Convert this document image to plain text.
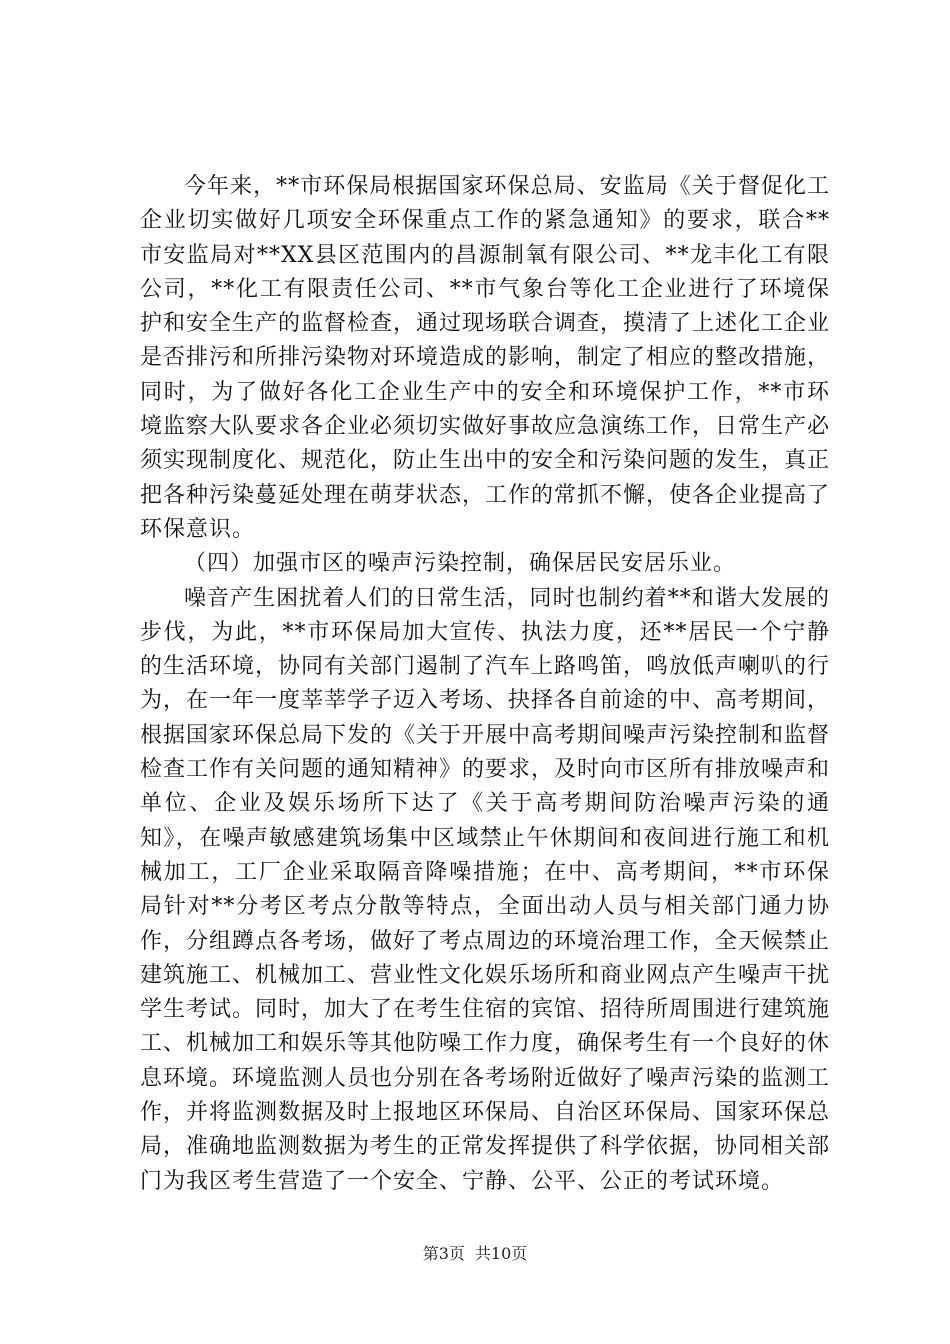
今年来，**市环保局根据国家环保总局、安监局《关于督促化工企业切实做好几项安全环保重点工作的紧急通知》的要求，联合**市安监局对**XX县区范围内的昌源制氧有限公司、**龙丰化工有限公司，**化工有限责任公司、**市气象台等化工企业进行了环境保护和安全生产的监督检查，通过现场联合调查，摸清了上述化工企业是否排污和所排污染物对环境造成的影响，制定了相应的整改措施，同时，为了做好各化工企业生产中的安全和环境保护工作，**市环境监察大队要求各企业必须切实做好事故应急演练工作，日常生产必须实现制度化、规范化，防止生出中的安全和污染问题的发生，真正把各种污染蔓延处理在萌芽状态，工作的常抓不懈，使各企业提高了环保意识。

（四）加强市区的噪声污染控制，确保居民安居乐业。

噪音产生困扰着人们的日常生活，同时也制约着**和谐大发展的步伐，为此，**市环保局加大宣传、执法力度，还**居民一个宁静的生活环境，协同有关部门遏制了汽车上路鸣笛，鸣放低声喇叭的行为，在一年一度莘莘学子迈入考场、抉择各自前途的中、高考期间，根据国家环保总局下发的《关于开展中高考期间噪声污染控制和监督检查工作有关问题的通知精神》的要求，及时向市区所有排放噪声和单位、企业及娱乐场所下达了《关于高考期间防治噪声污染的通知》，在噪声敏感建筑场集中区域禁止午休期间和夜间进行施工和机械加工，工厂企业采取隔音降噪措施；在中、高考期间，**市环保局针对**分考区考点分散等特点，全面出动人员与相关部门通力协作，分组蹲点各考场，做好了考点周边的环境治理工作，全天候禁止建筑施工、机械加工、营业性文化娱乐场所和商业网点产生噪声干扰学生考试。同时，加大了在考生住宿的宾馆、招待所周围进行建筑施工、机械加工和娱乐等其他防噪工作力度，确保考生有一个良好的休息环境。环境监测人员也分别在各考场附近做好了噪声污染的监测工作，并将监测数据及时上报地区环保局、自治区环保局、国家环保总局，准确地监测数据为考生的正常发挥提供了科学依据，协同相关部门为我区考生营造了一个安全、宁静、公平、公正的考试环境。

第3页 共10页
